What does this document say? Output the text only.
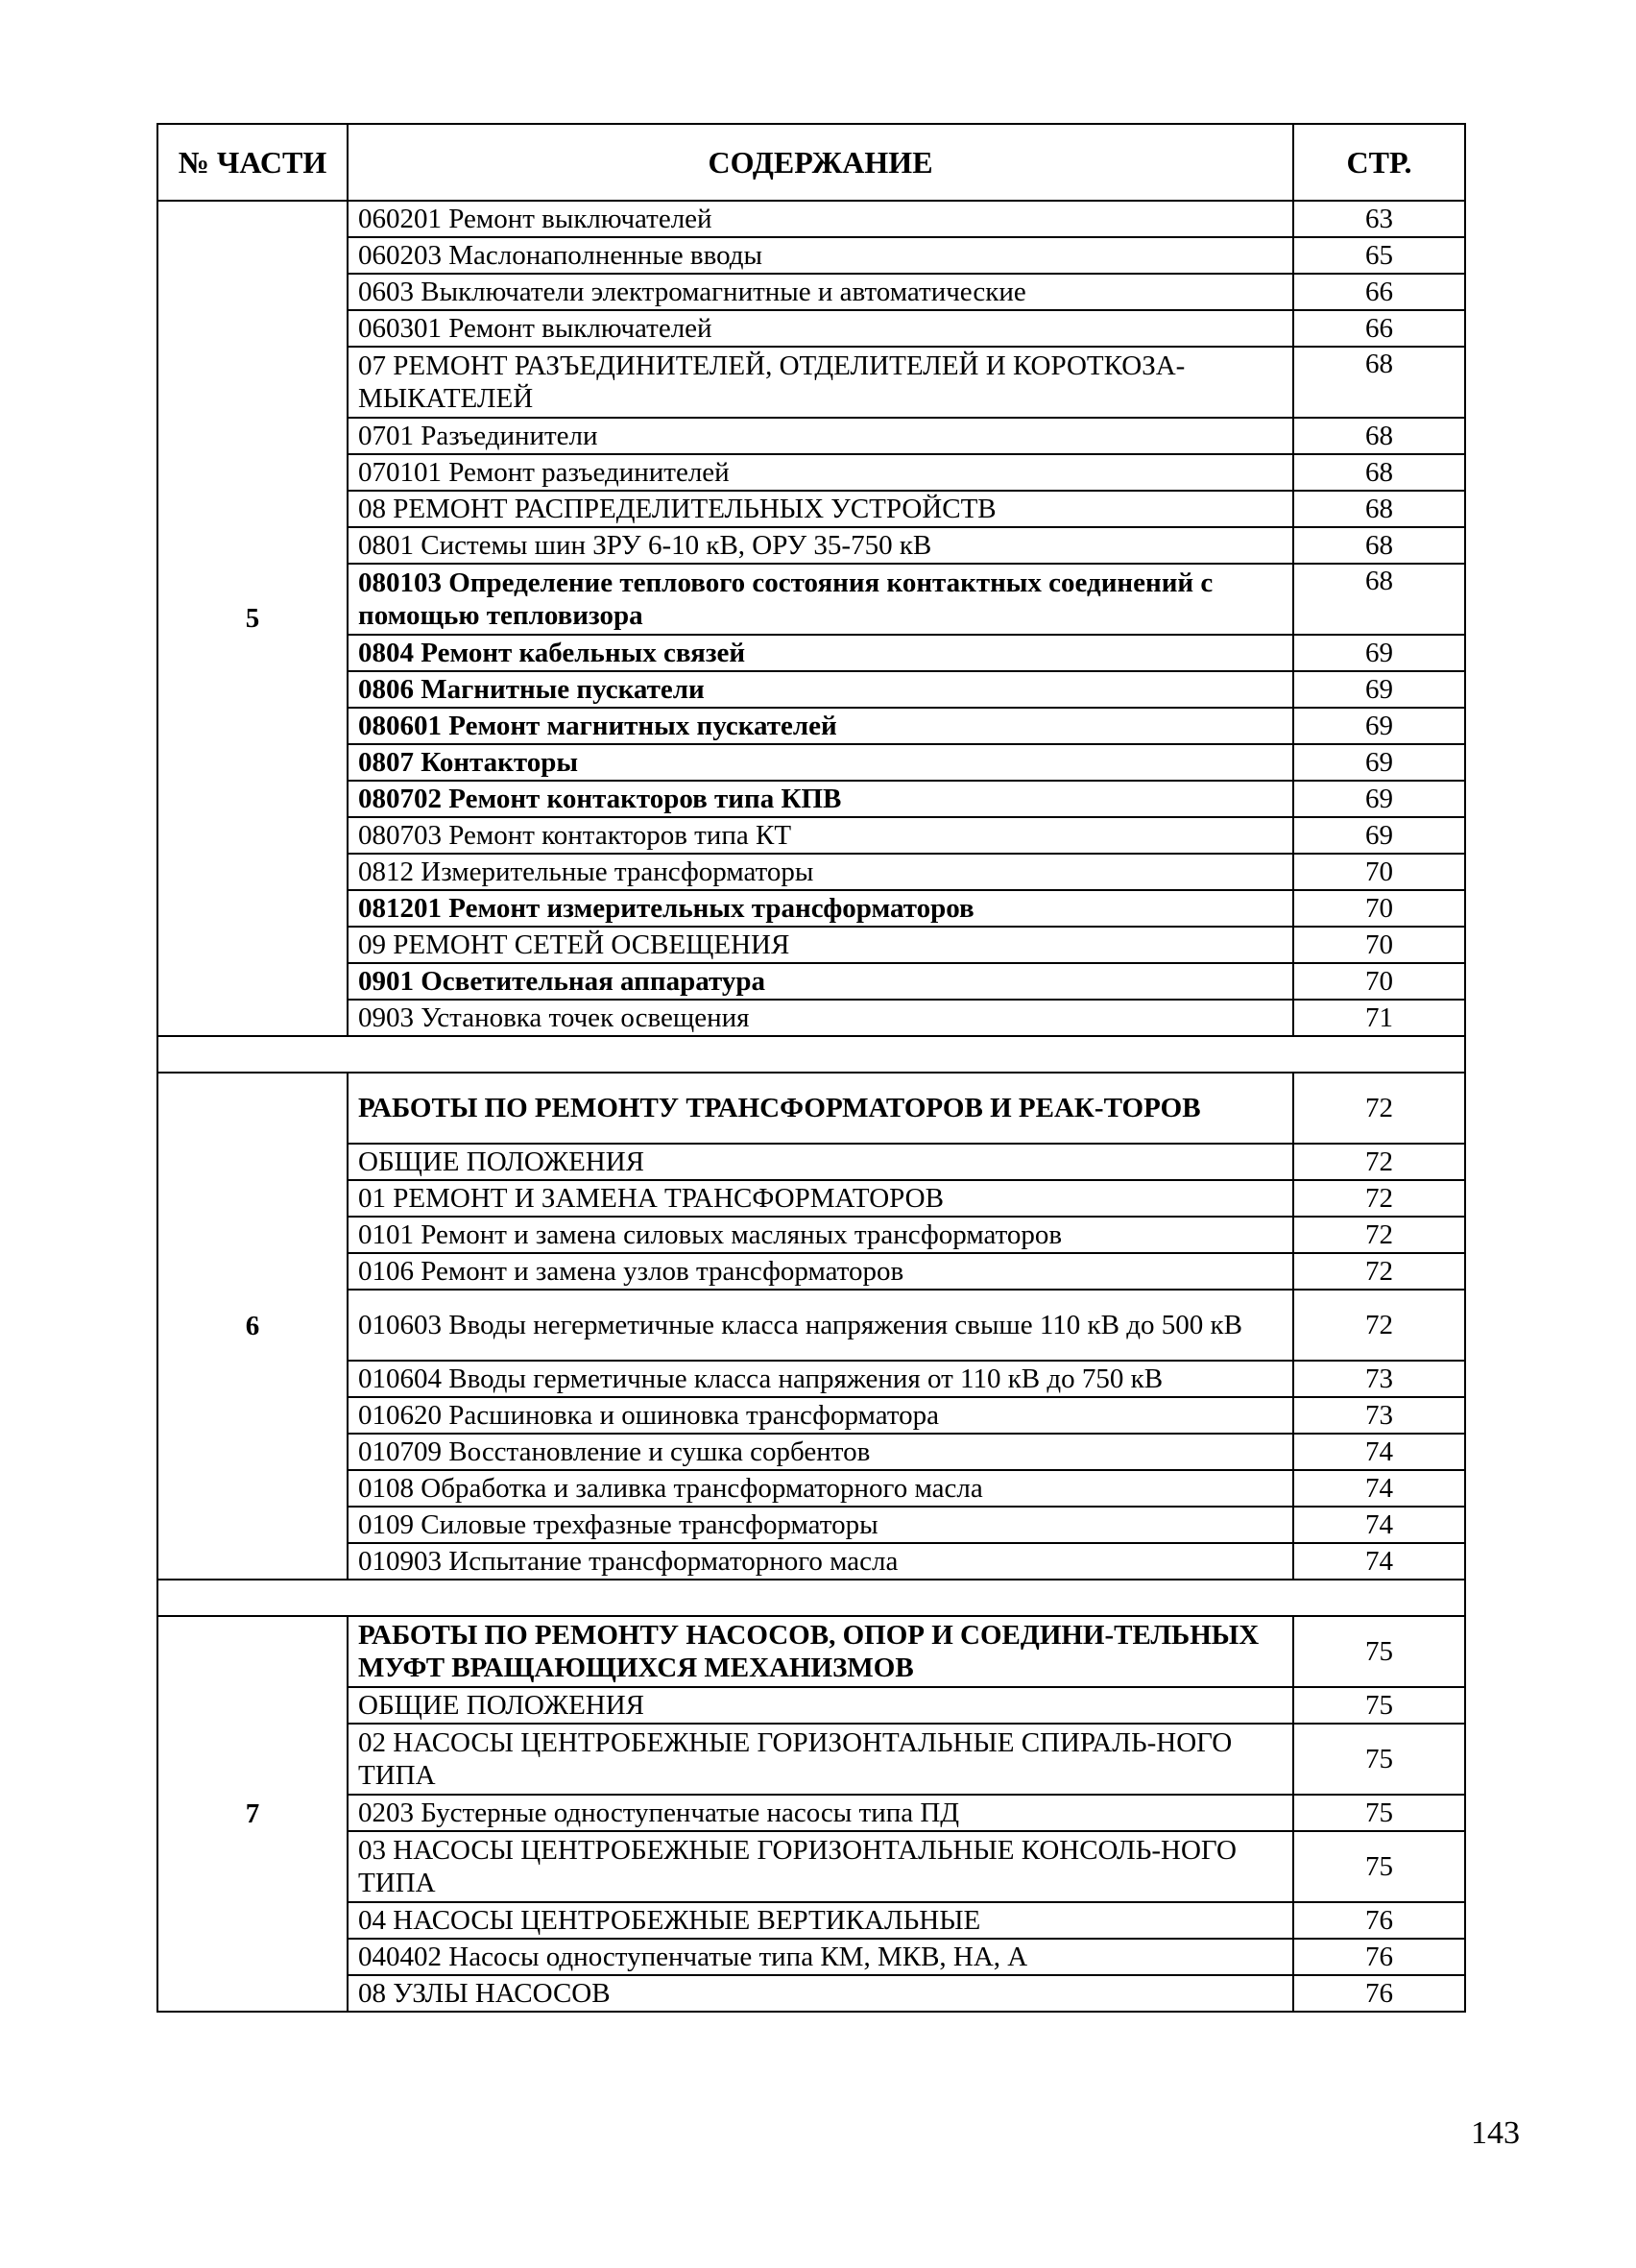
№ ЧАСТИ	СОДЕРЖАНИЕ	СТР.
5	060201 Ремонт выключателей	63
	060203 Маслонаполненные вводы	65
	0603 Выключатели электромагнитные и автоматические	66
	060301 Ремонт выключателей	66
	07 РЕМОНТ РАЗЪЕДИНИТЕЛЕЙ, ОТДЕЛИТЕЛЕЙ И КОРОТКОЗА-МЫКАТЕЛЕЙ	68
	0701 Разъединители	68
	070101 Ремонт разъединителей	68
	08 РЕМОНТ РАСПРЕДЕЛИТЕЛЬНЫХ УСТРОЙСТВ	68
	0801 Системы шин ЗРУ 6-10 кВ, ОРУ 35-750 кВ	68
	080103 Определение теплового состояния контактных соединений с помощью тепловизора	68
	0804 Ремонт кабельных связей	69
	0806 Магнитные пускатели	69
	080601 Ремонт магнитных пускателей	69
	0807 Контакторы	69
	080702 Ремонт контакторов типа КПВ	69
	080703 Ремонт контакторов типа КТ	69
	0812 Измерительные трансформаторы	70
	081201 Ремонт измерительных трансформаторов	70
	09 РЕМОНТ СЕТЕЙ ОСВЕЩЕНИЯ	70
	0901 Осветительная аппаратура	70
	0903 Установка точек освещения	71

6	РАБОТЫ ПО РЕМОНТУ ТРАНСФОРМАТОРОВ И РЕАК-ТОРОВ	72
	ОБЩИЕ ПОЛОЖЕНИЯ	72
	01 РЕМОНТ И ЗАМЕНА ТРАНСФОРМАТОРОВ	72
	0101 Ремонт и замена силовых масляных трансформаторов	72
	0106 Ремонт и замена узлов трансформаторов	72
	010603 Вводы негерметичные класса напряжения свыше 110 кВ до 500 кВ	72
	010604 Вводы герметичные класса напряжения от 110 кВ до 750 кВ	73
	010620 Расшиновка и ошиновка трансформатора	73
	010709 Восстановление и сушка сорбентов	74
	0108 Обработка и заливка трансформаторного масла	74
	0109 Силовые трехфазные трансформаторы	74
	010903 Испытание трансформаторного масла	74

7	РАБОТЫ ПО РЕМОНТУ НАСОСОВ, ОПОР И СОЕДИНИ-ТЕЛЬНЫХ МУФТ ВРАЩАЮЩИХСЯ МЕХАНИЗМОВ	75
	ОБЩИЕ ПОЛОЖЕНИЯ	75
	02 НАСОСЫ ЦЕНТРОБЕЖНЫЕ ГОРИЗОНТАЛЬНЫЕ СПИРАЛЬ-НОГО ТИПА	75
	0203 Бустерные одноступенчатые насосы типа ПД	75
	03 НАСОСЫ ЦЕНТРОБЕЖНЫЕ ГОРИЗОНТАЛЬНЫЕ КОНСОЛЬ-НОГО ТИПА	75
	04 НАСОСЫ ЦЕНТРОБЕЖНЫЕ ВЕРТИКАЛЬНЫЕ	76
	040402 Насосы одноступенчатые типа КМ, МКВ, НА, А	76
	08 УЗЛЫ НАСОСОВ	76
143
